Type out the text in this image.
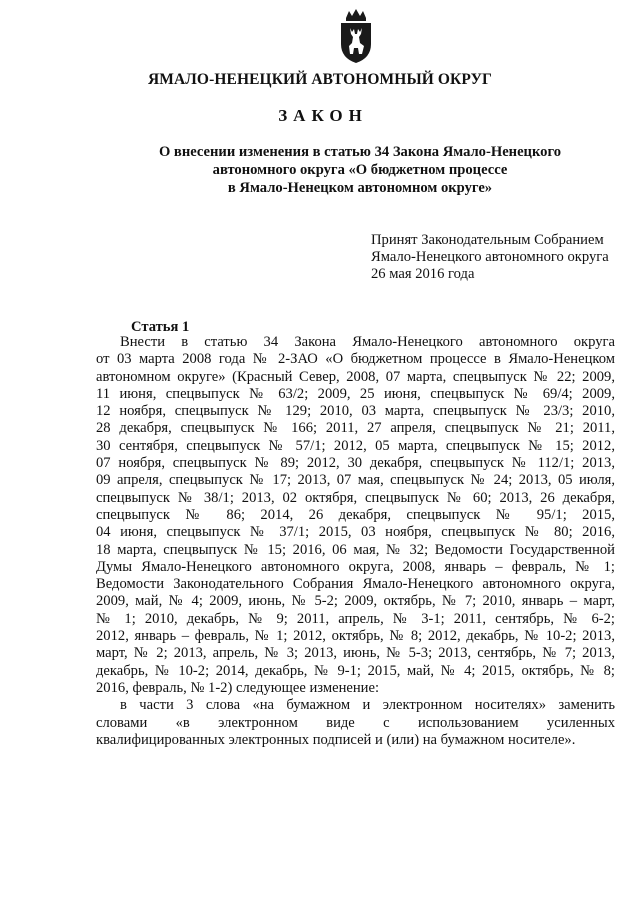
ЯМАЛО-НЕНЕЦКИЙ АВТОНОМНЫЙ ОКРУГ
ЗАКОН
О внесении изменения в статью 34 Закона Ямало-Ненецкого
автономного округа «О бюджетном процессе
в Ямало-Ненецком автономном округе»
Принят Законодательным Собранием
Ямало-Ненецкого автономного округа
26 мая 2016 года
Статья 1
Внести в статью 34 Закона Ямало-Ненецкого автономного округа
от 03 марта 2008 года № 2-ЗАО «О бюджетном процессе в Ямало-Ненецком
автономном округе» (Красный Север, 2008, 07 марта, спецвыпуск № 22; 2009,
11 июня, спецвыпуск № 63/2; 2009, 25 июня, спецвыпуск № 69/4; 2009,
12 ноября, спецвыпуск № 129; 2010, 03 марта, спецвыпуск № 23/3; 2010,
28 декабря, спецвыпуск № 166; 2011, 27 апреля, спецвыпуск № 21; 2011,
30 сентября, спецвыпуск № 57/1; 2012, 05 марта, спецвыпуск № 15; 2012,
07 ноября, спецвыпуск № 89; 2012, 30 декабря, спецвыпуск № 112/1; 2013,
09 апреля, спецвыпуск № 17; 2013, 07 мая, спецвыпуск № 24; 2013, 05 июля,
спецвыпуск № 38/1; 2013, 02 октября, спецвыпуск № 60; 2013, 26 декабря,
спецвыпуск № 86; 2014, 26 декабря, спецвыпуск № 95/1; 2015,
04 июня, спецвыпуск № 37/1; 2015, 03 ноября, спецвыпуск № 80; 2016,
18 марта, спецвыпуск № 15; 2016, 06 мая, № 32; Ведомости Государственной
Думы Ямало-Ненецкого автономного округа, 2008, январь – февраль, № 1;
Ведомости Законодательного Собрания Ямало-Ненецкого автономного округа,
2009, май, № 4; 2009, июнь, № 5-2; 2009, октябрь, № 7; 2010, январь – март,
№ 1; 2010, декабрь, № 9; 2011, апрель, № 3-1; 2011, сентябрь, № 6-2;
2012, январь – февраль, № 1; 2012, октябрь, № 8; 2012, декабрь, № 10-2; 2013,
март, № 2; 2013, апрель, № 3; 2013, июнь, № 5-3; 2013, сентябрь, № 7; 2013,
декабрь, № 10-2; 2014, декабрь, № 9-1; 2015, май, № 4; 2015, октябрь, № 8;
2016, февраль, № 1-2) следующее изменение:
в части 3 слова «на бумажном и электронном носителях» заменить
словами «в электронном виде с использованием усиленных
квалифицированных электронных подписей и (или) на бумажном носителе».
